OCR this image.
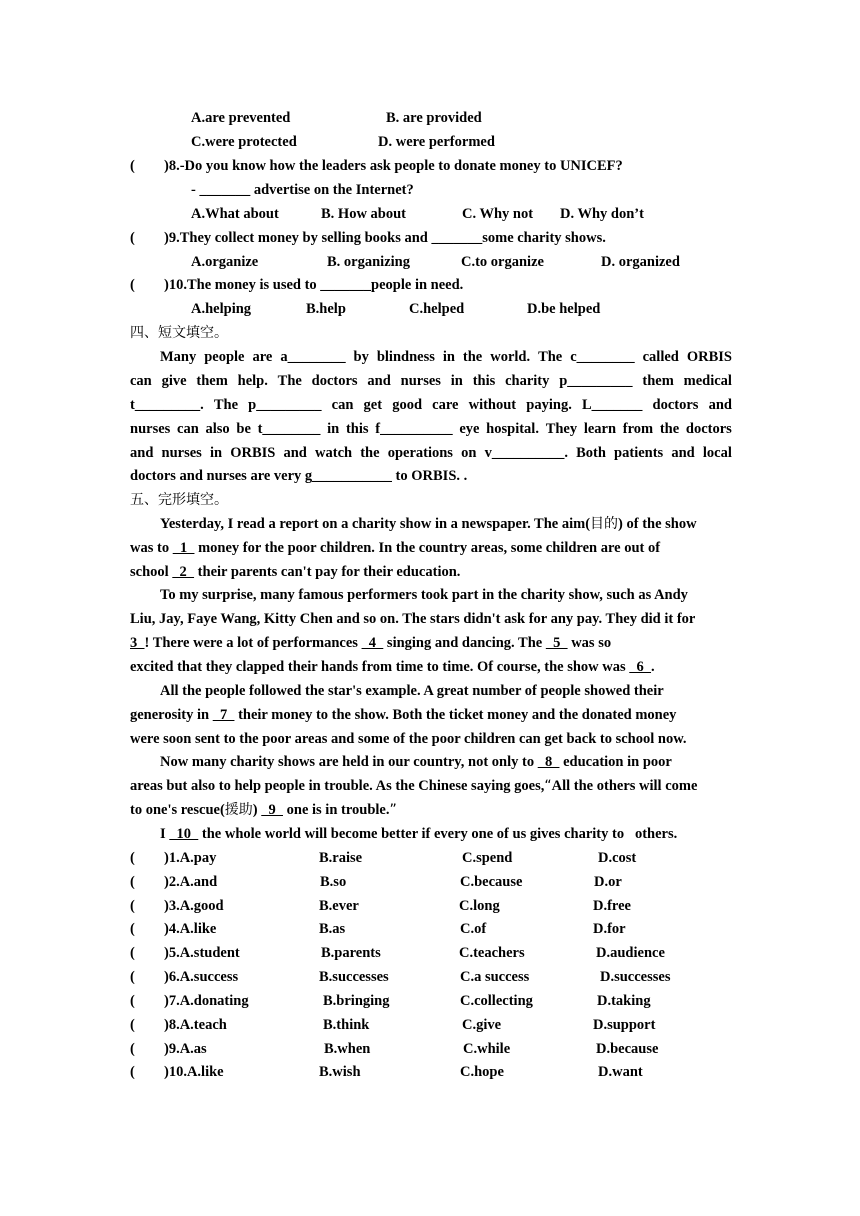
A.are prevented	B. are provided
C.were protected	D. were performed
( )8.-Do you know how the leaders ask people to donate money to UNICEF?
- _______ advertise on the Internet?
A.What about	B. How about	C. Why not D. Why don’t
( )9.They collect money by selling books and _______some charity shows.
A.organize	B. organizing	C.to organize	D. organized
( )10.The money is used to _______people in need.
A.helping	B.help	C.helped	D.be helped
四、短文填空。
Many people are a________ by blindness in the world. The c________ called ORBIS
can give them help. The doctors and nurses in this charity p_________ them medical
t_________. The p_________ can get good care without paying. L_______ doctors and
nurses can also be t________ in this f__________ eye hospital. They learn from the doctors
and nurses in ORBIS and watch the operations on v__________. Both patients and local
doctors and nurses are very g___________ to ORBIS. .
五、完形填空。
Yesterday, I read a report on a charity show in a newspaper. The aim(目的) of the show
was to   1   money for the poor children. In the country areas, some children are out of
school   2   their parents can't pay for their education.
To my surprise, many famous performers took part in the charity show, such as Andy
Liu, Jay, Faye Wang, Kitty Chen and so on. The stars didn't ask for any pay. They did it for
3  ! There were a lot of performances   4   singing and dancing. The   5   was so
excited that they clapped their hands from time to time. Of course, the show was   6  .
All the people followed the star's example. A great number of people showed their
generosity in   7   their money to the show. Both the ticket money and the donated money
were soon sent to the poor areas and some of the poor children can get back to school now.
Now many charity shows are held in our country, not only to   8   education in poor
areas but also to help people in trouble. As the Chinese saying goes,“All the others will come
to one's rescue(援助)   9   one is in trouble.”
I   10   the whole world will become better if every one of us gives charity to others.
( )1.A.pay	B.raise	C.spend	D.cost
( )2.A.and	B.so	C.because	D.or
( )3.A.good	B.ever	C.long	D.free
( )4.A.like	B.as	C.of	D.for
( )5.A.student	B.parents	C.teachers	D.audience
( )6.A.success	B.successes	C.a success	D.successes
( )7.A.donating	B.bringing	C.collecting	D.taking
( )8.A.teach	B.think	C.give	D.support
( )9.A.as	B.when	C.while	D.because
( )10.A.like	B.wish	C.hope	D.want
